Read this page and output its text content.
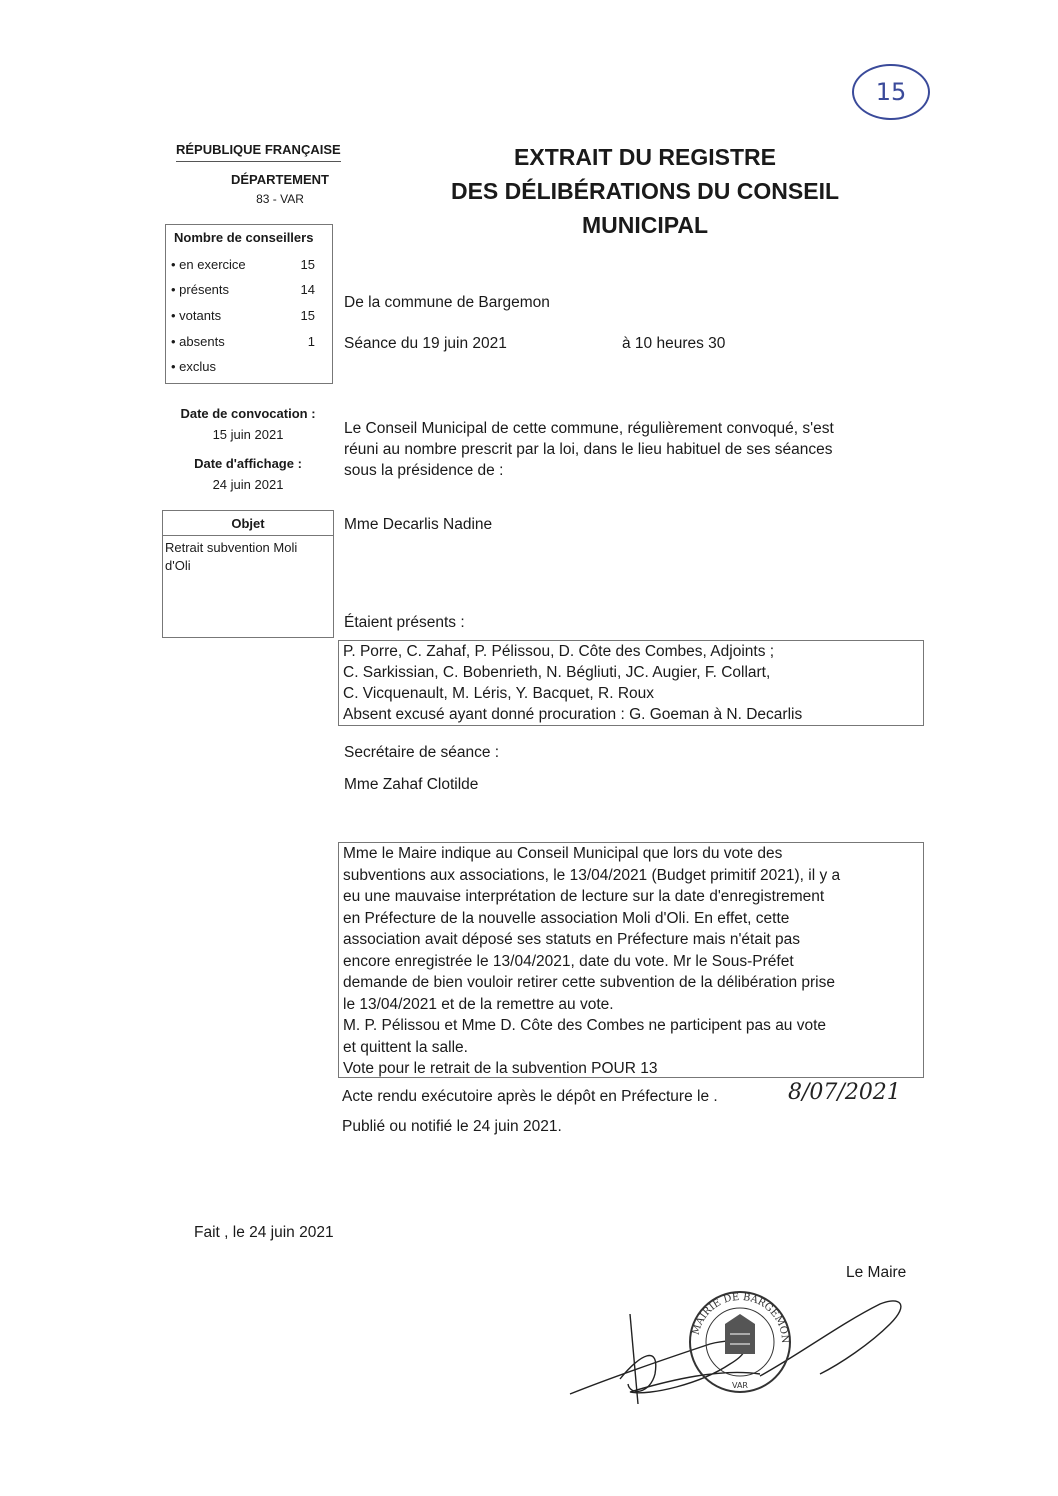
15
RÉPUBLIQUE FRANÇAISE
DÉPARTEMENT
83 - VAR
EXTRAIT DU REGISTRE
DES DÉLIBÉRATIONS DU CONSEIL
MUNICIPAL
Nombre de conseillers
• en exercice	15
• présents	14
• votants	15
• absents	1
• exclus
Date de convocation :
15 juin 2021
Date d'affichage :
24 juin 2021
Objet
Retrait subvention Moli d'Oli
De la commune de Bargemon
Séance du 19 juin 2021	à 10 heures 30
Le Conseil Municipal de cette commune, régulièrement convoqué, s'est
réuni au nombre prescrit par la loi, dans le lieu habituel de ses séances
sous la présidence de :
Mme Decarlis Nadine
Étaient présents :
P. Porre, C. Zahaf, P. Pélissou, D. Côte des Combes, Adjoints ;
C. Sarkissian, C. Bobenrieth, N. Bégliuti, JC. Augier, F. Collart,
C. Vicquenault, M. Léris, Y. Bacquet, R. Roux
Absent excusé ayant donné procuration : G. Goeman à N. Decarlis
Secrétaire de séance :
Mme Zahaf Clotilde
Mme le Maire indique au Conseil Municipal que lors du vote des
subventions aux associations, le 13/04/2021 (Budget primitif 2021), il y a
eu une mauvaise interprétation de lecture sur la date d'enregistrement
en Préfecture de la nouvelle association Moli d'Oli. En effet, cette
association avait déposé ses statuts en Préfecture mais n'était pas
encore enregistrée le 13/04/2021, date du vote. Mr le Sous-Préfet
demande de bien vouloir retirer cette subvention de la délibération prise
le 13/04/2021 et de la remettre au vote.
M. P. Pélissou et Mme D. Côte des Combes ne participent pas au vote
et quittent la salle.
Vote pour le retrait de la subvention POUR 13
Acte rendu exécutoire après le dépôt en Préfecture le .	8/07/2021
Publié ou notifié le 24 juin 2021.
Fait , le 24 juin 2021
Le Maire
MAIRIE DE BARGEMON
VAR
